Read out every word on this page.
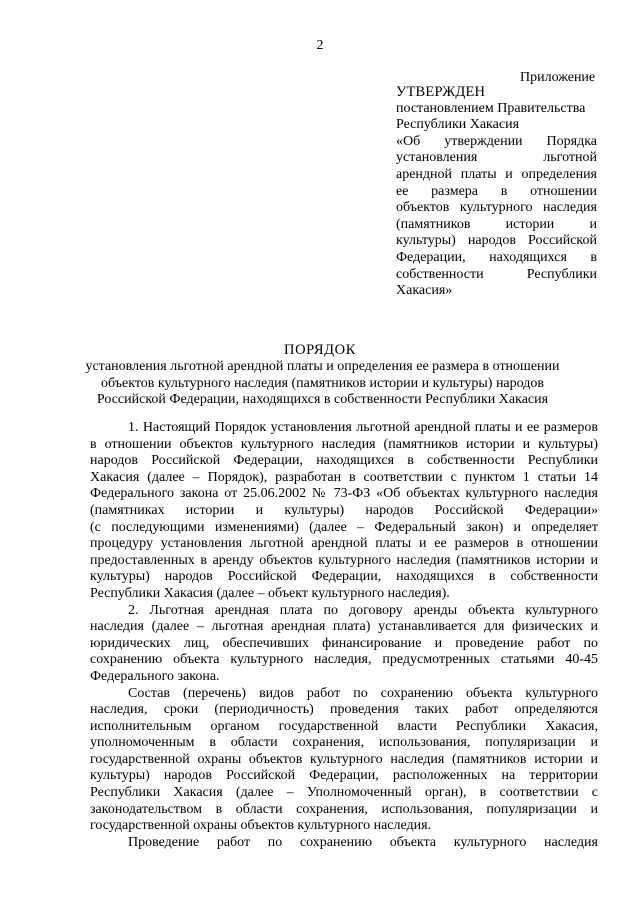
2
Приложение
УТВЕРЖДЕН
постановлением Правительства
Республики Хакасия
«Об утверждении Порядка
установления льготной
арендной платы и определения
ее размера в отношении
объектов культурного наследия
(памятников истории и
культуры) народов Российской
Федерации, находящихся в
собственности Республики
Хакасия»
ПОРЯДОК
установления льготной арендной платы и определения ее размера в отношении
объектов культурного наследия (памятников истории и культуры) народов
Российской Федерации, находящихся в собственности Республики Хакасия
1. Настоящий Порядок установления льготной арендной платы и ее размеров
в отношении объектов культурного наследия (памятников истории и культуры)
народов Российской Федерации, находящихся в собственности Республики
Хакасия (далее – Порядок), разработан в соответствии с пунктом 1 статьи 14
Федерального закона от 25.06.2002 № 73-ФЗ «Об объектах культурного наследия
(памятниках истории и культуры) народов Российской Федерации»
(с последующими изменениями) (далее – Федеральный закон) и определяет
процедуру установления льготной арендной платы и ее размеров в отношении
предоставленных в аренду объектов культурного наследия (памятников истории и
культуры) народов Российской Федерации, находящихся в собственности
Республики Хакасия (далее – объект культурного наследия).
2. Льготная арендная плата по договору аренды объекта культурного
наследия (далее – льготная арендная плата) устанавливается для физических и
юридических лиц, обеспечивших финансирование и проведение работ по
сохранению объекта культурного наследия, предусмотренных статьями 40-45
Федерального закона.
Состав (перечень) видов работ по сохранению объекта культурного
наследия, сроки (периодичность) проведения таких работ определяются
исполнительным органом государственной власти Республики Хакасия,
уполномоченным в области сохранения, использования, популяризации и
государственной охраны объектов культурного наследия (памятников истории и
культуры) народов Российской Федерации, расположенных на территории
Республики Хакасия (далее – Уполномоченный орган), в соответствии с
законодательством в области сохранения, использования, популяризации и
государственной охраны объектов культурного наследия.
Проведение работ по сохранению объекта культурного наследия
